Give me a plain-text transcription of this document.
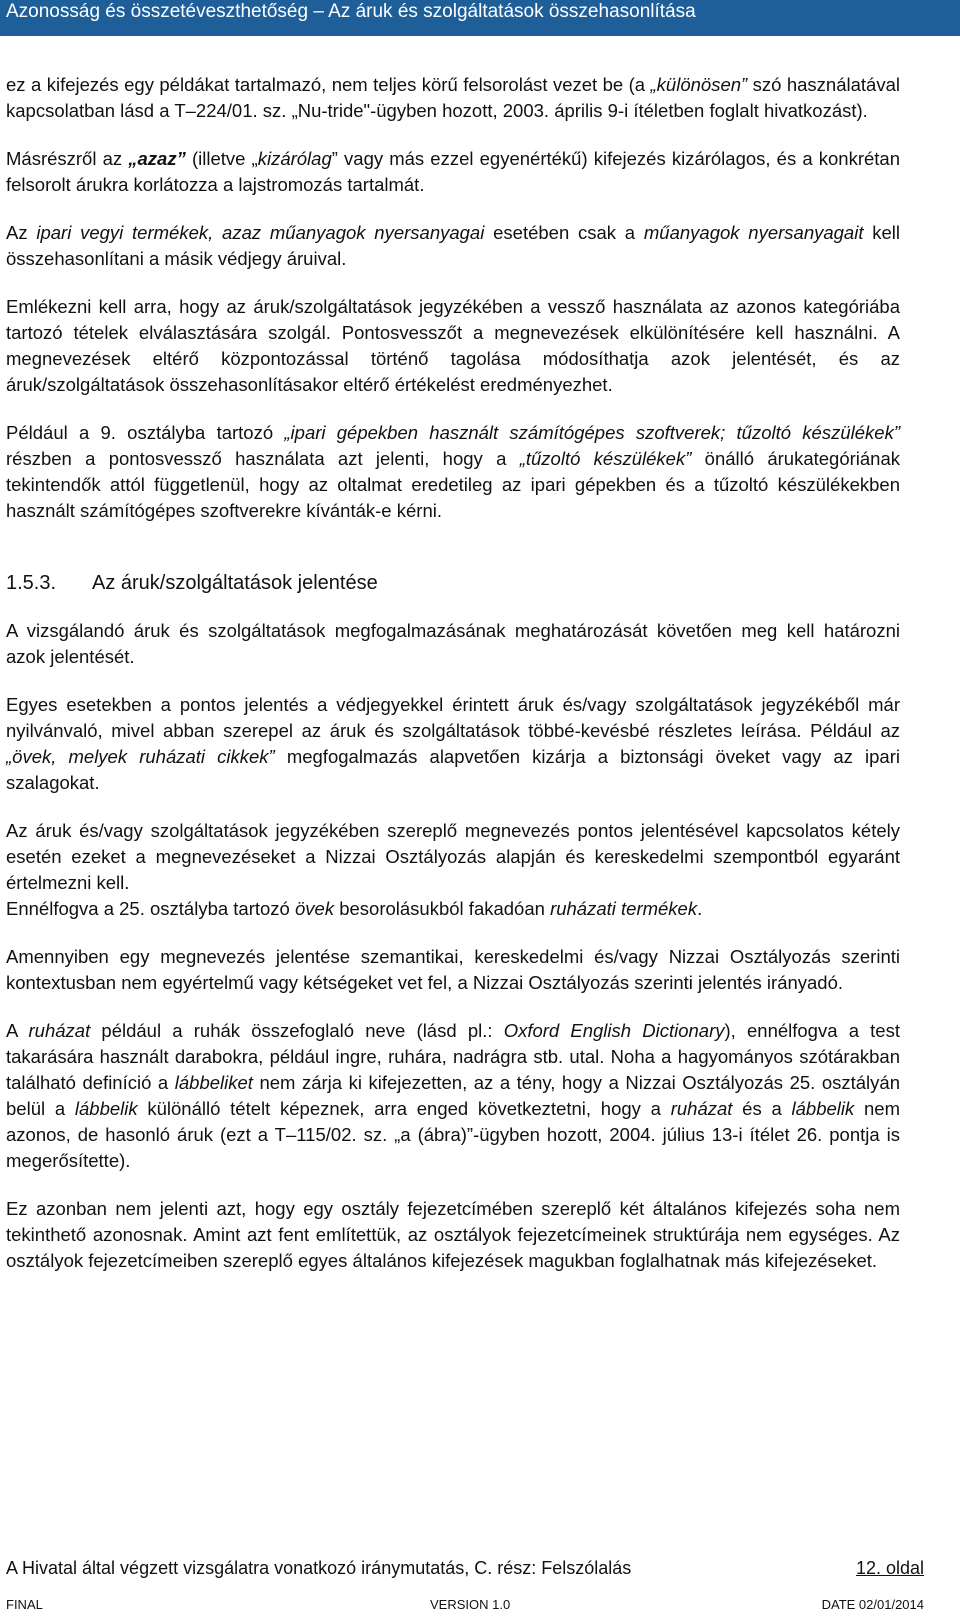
Azonosság és összetéveszthetőség – Az áruk és szolgáltatások összehasonlítása

ez a kifejezés egy példákat tartalmazó, nem teljes körű felsorolást vezet be (a „különösen” szó használatával kapcsolatban lásd a T–224/01. sz. „Nu-tride"-ügyben hozott, 2003. április 9-i ítéletben foglalt hivatkozást).

Másrészről az „azaz” (illetve „kizárólag” vagy más ezzel egyenértékű) kifejezés kizárólagos, és a konkrétan felsorolt árukra korlátozza a lajstromozás tartalmát.

Az ipari vegyi termékek, azaz műanyagok nyersanyagai esetében csak a műanyagok nyersanyagait kell összehasonlítani a másik védjegy áruival.

Emlékezni kell arra, hogy az áruk/szolgáltatások jegyzékében a vessző használata az azonos kategóriába tartozó tételek elválasztására szolgál. Pontosvesszőt a megnevezések elkülönítésére kell használni. A megnevezések eltérő központozással történő tagolása módosíthatja azok jelentését, és az áruk/szolgáltatások összehasonlításakor eltérő értékelést eredményezhet.

Például a 9. osztályba tartozó „ipari gépekben használt számítógépes szoftverek; tűzoltó készülékek” részben a pontosvessző használata azt jelenti, hogy a „tűzoltó készülékek” önálló árukategóriának tekintendők attól függetlenül, hogy az oltalmat eredetileg az ipari gépekben és a tűzoltó készülékekben használt számítógépes szoftverekre kívánták-e kérni.

1.5.3. Az áruk/szolgáltatások jelentése

A vizsgálandó áruk és szolgáltatások megfogalmazásának meghatározását követően meg kell határozni azok jelentését.

Egyes esetekben a pontos jelentés a védjegyekkel érintett áruk és/vagy szolgáltatások jegyzékéből már nyilvánvaló, mivel abban szerepel az áruk és szolgáltatások többé-kevésbé részletes leírása. Például az „övek, melyek ruházati cikkek” megfogalmazás alapvetően kizárja a biztonsági öveket vagy az ipari szalagokat.

Az áruk és/vagy szolgáltatások jegyzékében szereplő megnevezés pontos jelentésével kapcsolatos kétely esetén ezeket a megnevezéseket a Nizzai Osztályozás alapján és kereskedelmi szempontból egyaránt értelmezni kell.

Ennélfogva a 25. osztályba tartozó övek besorolásukból fakadóan ruházati termékek.

Amennyiben egy megnevezés jelentése szemantikai, kereskedelmi és/vagy Nizzai Osztályozás szerinti kontextusban nem egyértelmű vagy kétségeket vet fel, a Nizzai Osztályozás szerinti jelentés irányadó.

A ruházat például a ruhák összefoglaló neve (lásd pl.: Oxford English Dictionary), ennélfogva a test takarására használt darabokra, például ingre, ruhára, nadrágra stb. utal. Noha a hagyományos szótárakban található definíció a lábbeliket nem zárja ki kifejezetten, az a tény, hogy a Nizzai Osztályozás 25. osztályán belül a lábbelik különálló tételt képeznek, arra enged következtetni, hogy a ruházat és a lábbelik nem azonos, de hasonló áruk (ezt a T–115/02. sz. „a (ábra)”-ügyben hozott, 2004. július 13-i ítélet 26. pontja is megerősítette).

Ez azonban nem jelenti azt, hogy egy osztály fejezetcímében szereplő két általános kifejezés soha nem tekinthető azonosnak. Amint azt fent említettük, az osztályok fejezetcímeinek struktúrája nem egységes. Az osztályok fejezetcímeiben szereplő egyes általános kifejezések magukban foglalhatnak más kifejezéseket.

A Hivatal által végzett vizsgálatra vonatkozó iránymutatás, C. rész: Felszólalás	12. oldal
FINAL	VERSION 1.0	DATE 02/01/2014
